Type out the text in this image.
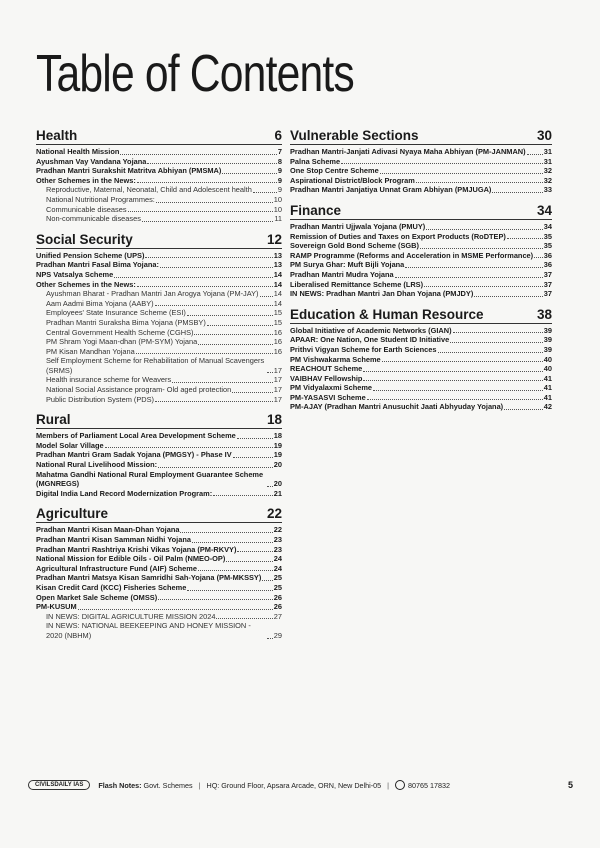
Table of Contents
Health	6
National Health Mission	7
Ayushman Vay Vandana Yojana	8
Pradhan Mantri Surakshit Matritva Abhiyan (PMSMA)	9
Other Schemes in the News:	9
Reproductive, Maternal, Neonatal, Child and Adolescent health	9
National Nutritional Programmes:	10
Communicable diseases	10
Non-communicable diseases	11
Social Security	12
Unified Pension Scheme (UPS)	13
Pradhan Mantri Fasal Bima Yojana:	13
NPS Vatsalya Scheme	14
Other Schemes in the News:	14
Ayushman Bharat - Pradhan Mantri Jan Arogya Yojana (PM-JAY) 14
Aam Aadmi Bima Yojana (AABY)	14
Employees' State Insurance Scheme (ESI)	15
Pradhan Mantri Suraksha Bima Yojana (PMSBY)	15
Central Government Health Scheme (CGHS)	16
PM Shram Yogi Maan-dhan (PM-SYM) Yojana	16
PM Kisan Mandhan Yojana	16
Self Employment Scheme for Rehabilitation of Manual Scavengers (SRMS)	17
Health insurance scheme for Weavers	17
National Social Assistance program- Old aged protection	17
Public Distribution System (PDS)	17
Rural	18
Members of Parliament Local Area Development Scheme	18
Model Solar Village	19
Pradhan Mantri Gram Sadak Yojana (PMGSY) - Phase IV	19
National Rural Livelihood Mission:	20
Mahatma Gandhi National Rural Employment Guarantee Scheme (MGNREGS)	20
Digital India Land Record Modernization Program:	21
Agriculture	22
Pradhan Mantri Kisan Maan-Dhan Yojana	22
Pradhan Mantri Kisan Samman Nidhi Yojana	23
Pradhan Mantri Rashtriya Krishi Vikas Yojana (PM-RKVY)	23
National Mission for Edible Oils - Oil Palm (NMEO-OP)	24
Agricultural Infrastructure Fund (AIF) Scheme	24
Pradhan Mantri Matsya Kisan Samridhi Sah-Yojana (PM-MKSSY) 25
Kisan Credit Card (KCC) Fisheries Scheme	25
Open Market Sale Scheme (OMSS)	26
PM-KUSUM	26
IN NEWS: DIGITAL AGRICULTURE MISSION 2024	27
IN NEWS: NATIONAL BEEKEEPING AND HONEY MISSION - 2020 (NBHM)	29
Vulnerable Sections	30
Pradhan Mantri-Janjati Adivasi Nyaya Maha Abhiyan (PM-JANMAN) 31
Palna Scheme	31
One Stop Centre Scheme	32
Aspirational District/Block Program	32
Pradhan Mantri Janjatiya Unnat Gram Abhiyan (PMJUGA)	33
Finance	34
Pradhan Mantri Ujjwala Yojana (PMUY)	34
Remission of Duties and Taxes on Export Products (RoDTEP)	35
Sovereign Gold Bond Scheme (SGB)	35
RAMP Programme (Reforms and Acceleration in MSME Performance) 36
PM Surya Ghar: Muft Bijli Yojana	36
Pradhan Mantri Mudra Yojana	37
Liberalised Remittance Scheme (LRS)	37
IN NEWS: Pradhan Mantri Jan Dhan Yojana (PMJDY)	37
Education & Human Resource	38
Global Initiative of Academic Networks (GIAN)	39
APAAR: One Nation, One Student ID Initiative	39
Prithvi Vigyan Scheme for Earth Sciences	39
PM Vishwakarma Scheme	40
REACHOUT Scheme	40
VAIBHAV Fellowship	41
PM Vidyalaxmi Scheme	41
PM-YASASVI Scheme	41
PM-AJAY (Pradhan Mantri Anusuchit Jaati Abhyuday Yojana)	42
CIVILSDAILY IAS	Flash Notes:
Govt. Schemes | HQ: Ground Floor, Apsara Arcade, ORN, New Delhi-05 |	80765 17832	5
